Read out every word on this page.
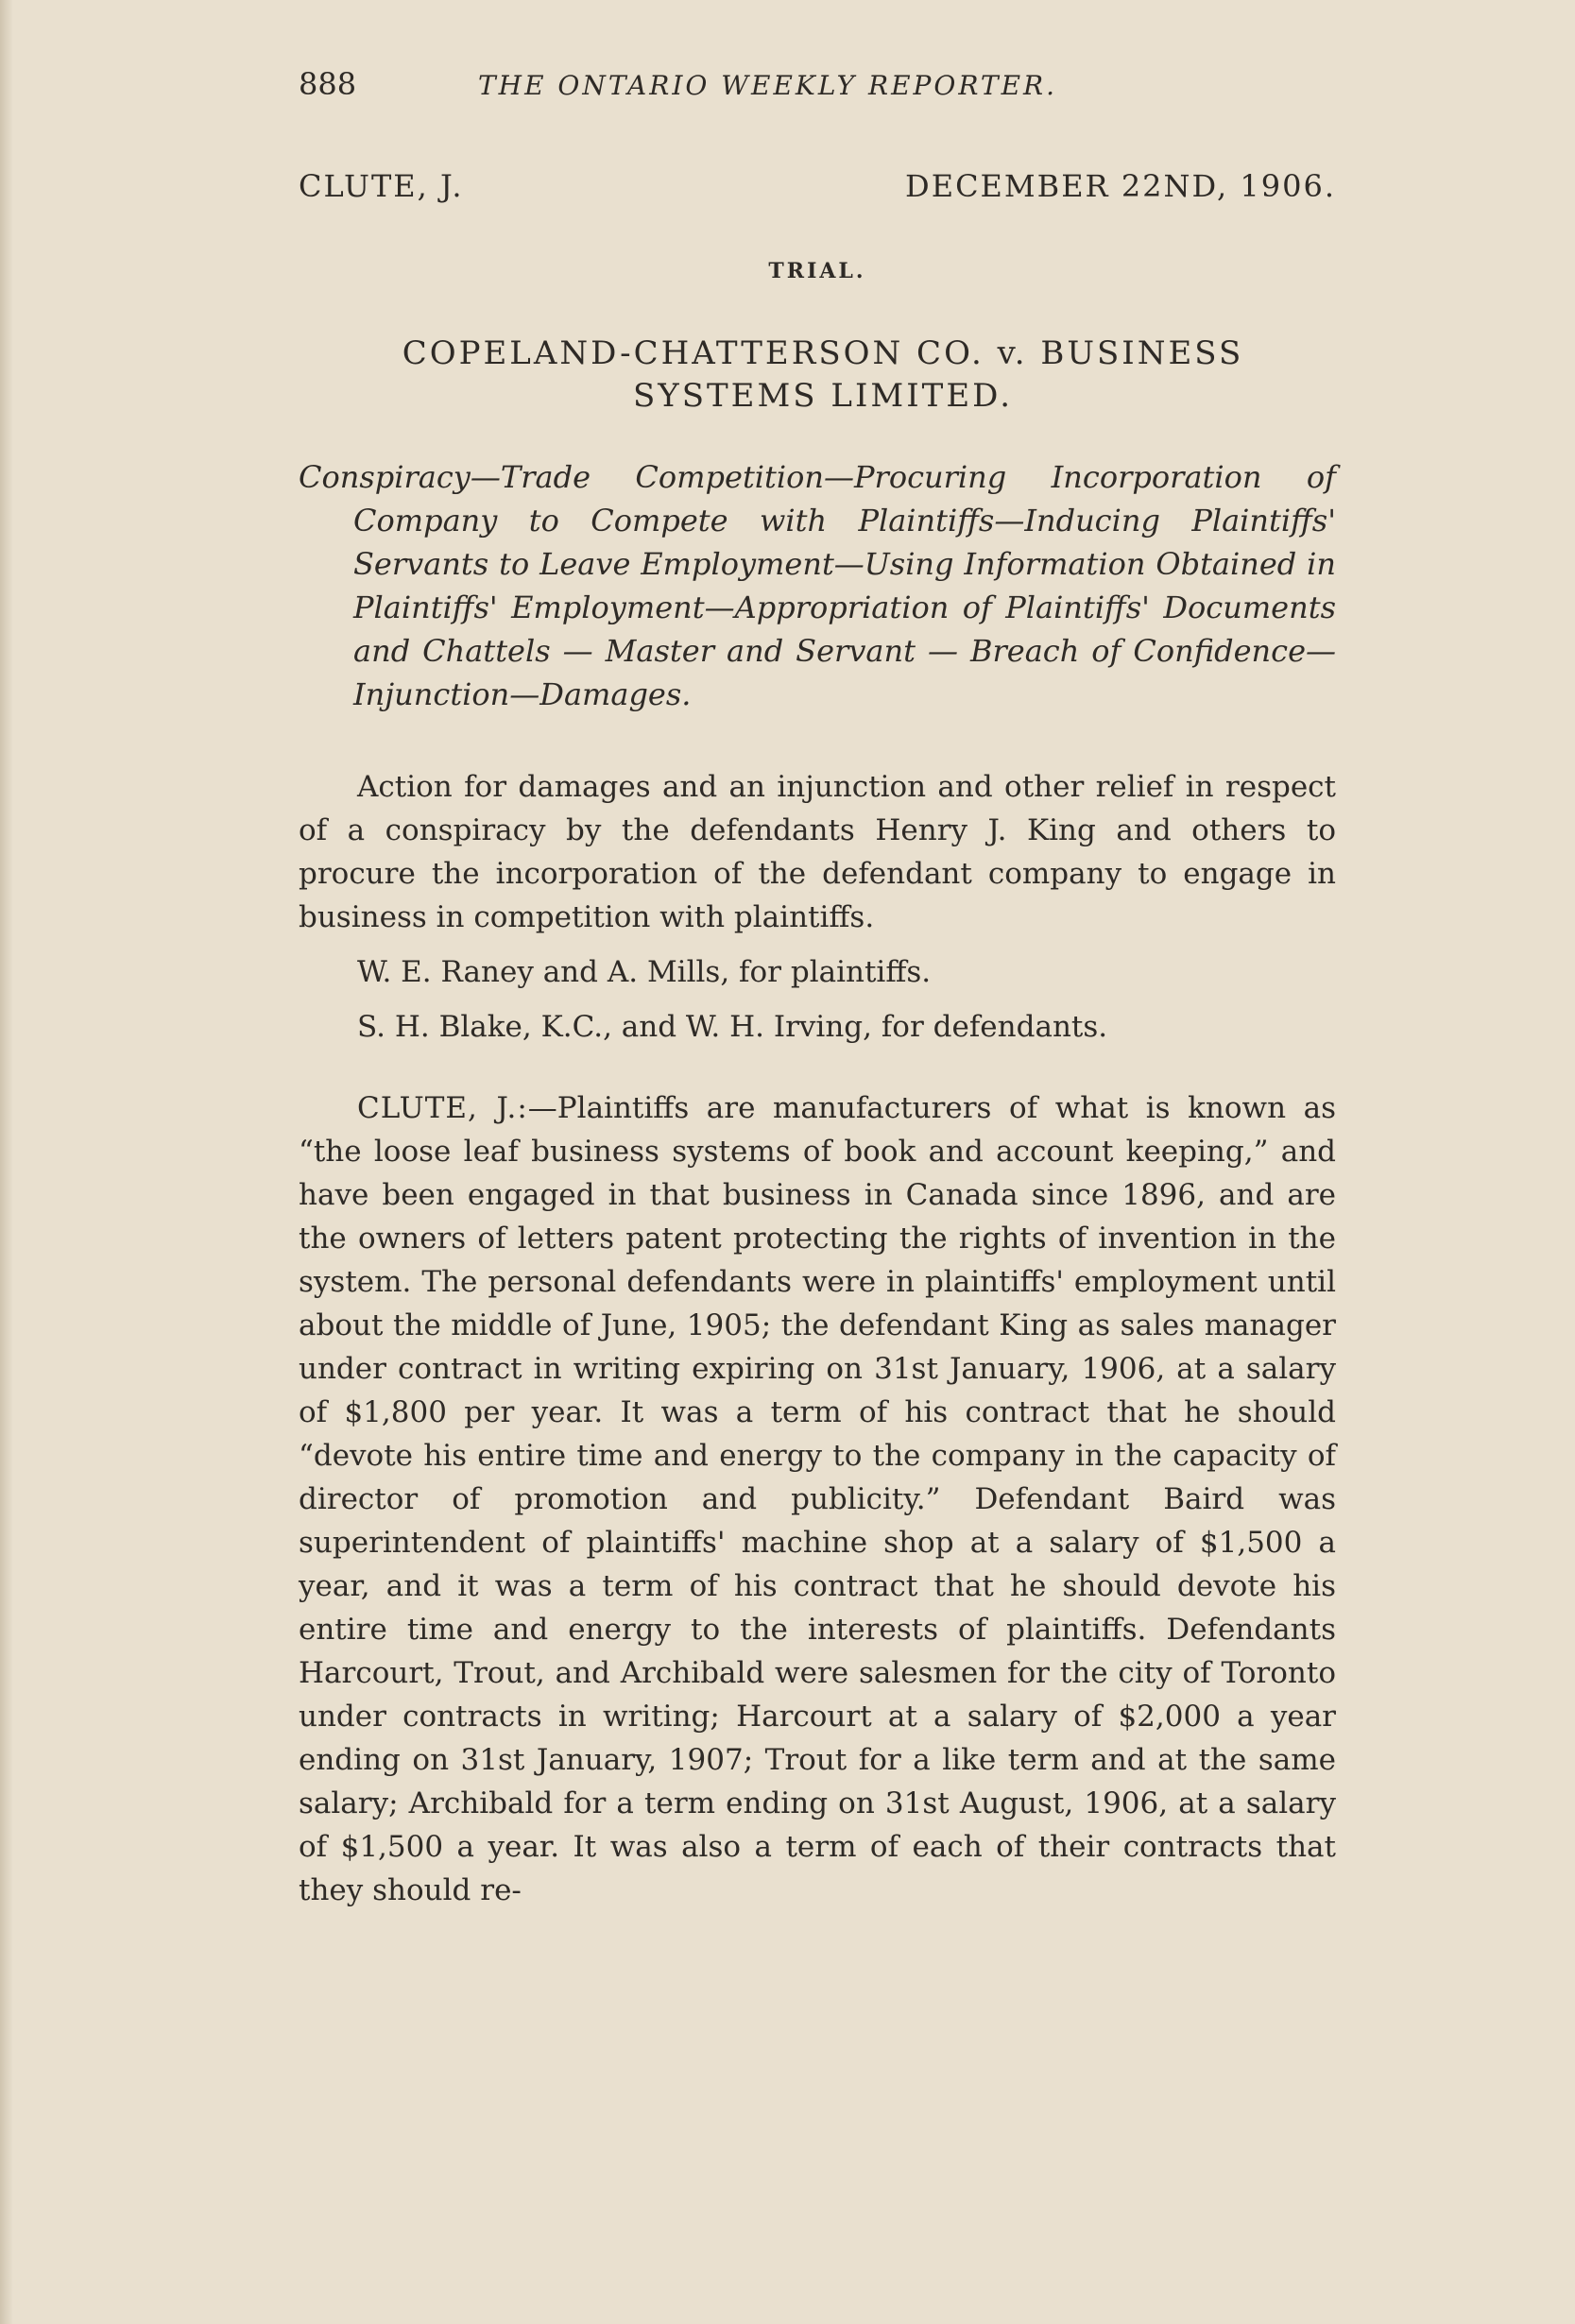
888	THE ONTARIO WEEKLY REPORTER.
CLUTE, J.	DECEMBER 22ND, 1906.
TRIAL.
COPELAND-CHATTERSON CO. v. BUSINESS SYSTEMS LIMITED.
Conspiracy—Trade Competition—Procuring Incorporation of Company to Compete with Plaintiffs—Inducing Plaintiffs' Servants to Leave Employment—Using Information Obtained in Plaintiffs' Employment—Appropriation of Plaintiffs' Documents and Chattels — Master and Servant — Breach of Confidence—Injunction—Damages.

Action for damages and an injunction and other relief in respect of a conspiracy by the defendants Henry J. King and others to procure the incorporation of the defendant company to engage in business in competition with plaintiffs.

W. E. Raney and A. Mills, for plaintiffs.

S. H. Blake, K.C., and W. H. Irving, for defendants.

CLUTE, J.:—Plaintiffs are manufacturers of what is known as “the loose leaf business systems of book and account keeping,” and have been engaged in that business in Canada since 1896, and are the owners of letters patent protecting the rights of invention in the system. The personal defendants were in plaintiffs' employment until about the middle of June, 1905; the defendant King as sales manager under contract in writing expiring on 31st January, 1906, at a salary of $1,800 per year. It was a term of his contract that he should “devote his entire time and energy to the company in the capacity of director of promotion and publicity.” Defendant Baird was superintendent of plaintiffs' machine shop at a salary of $1,500 a year, and it was a term of his contract that he should devote his entire time and energy to the interests of plaintiffs. Defendants Harcourt, Trout, and Archibald were salesmen for the city of Toronto under contracts in writing; Harcourt at a salary of $2,000 a year ending on 31st January, 1907; Trout for a like term and at the same salary; Archibald for a term ending on 31st August, 1906, at a salary of $1,500 a year. It was also a term of each of their contracts that they should re-
